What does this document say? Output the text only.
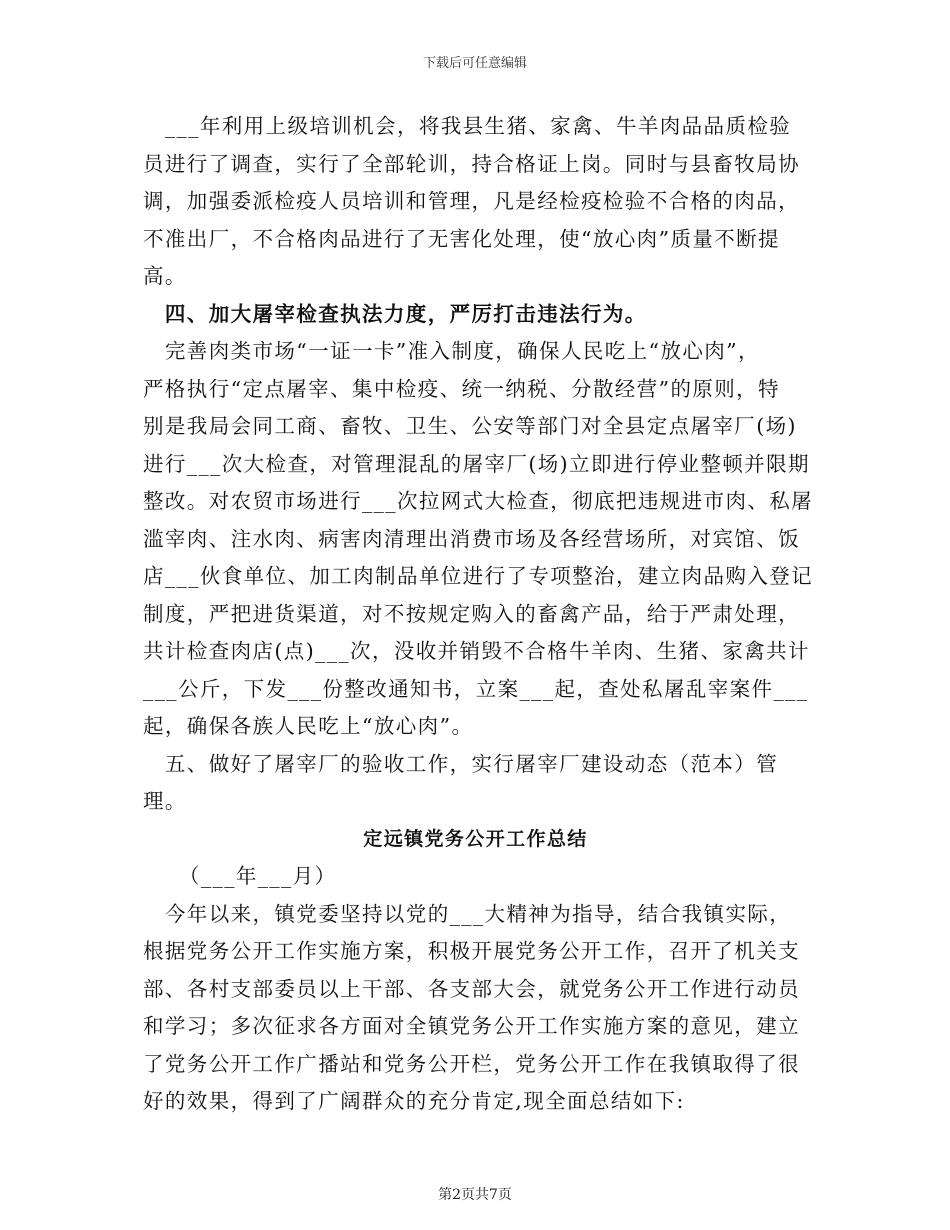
下载后可任意编辑
　___年利用上级培训机会，将我县生猪、家禽、牛羊肉品品质检验
员进行了调查，实行了全部轮训，持合格证上岗。同时与县畜牧局协
调，加强委派检疫人员培训和管理，凡是经检疫检验不合格的肉品，
不准出厂，不合格肉品进行了无害化处理，使“放心肉”质量不断提
高。
　四、加大屠宰检查执法力度，严厉打击违法行为。
　完善肉类市场“一证一卡”准入制度，确保人民吃上“放心肉”，
严格执行“定点屠宰、集中检疫、统一纳税、分散经营”的原则，特
别是我局会同工商、畜牧、卫生、公安等部门对全县定点屠宰厂(场)
进行___次大检查，对管理混乱的屠宰厂(场)立即进行停业整顿并限期
整改。对农贸市场进行___次拉网式大检查，彻底把违规进市肉、私屠
滥宰肉、注水肉、病害肉清理出消费市场及各经营场所，对宾馆、饭
店___伙食单位、加工肉制品单位进行了专项整治，建立肉品购入登记
制度，严把进货渠道，对不按规定购入的畜禽产品，给于严肃处理，
共计检查肉店(点)___次，没收并销毁不合格牛羊肉、生猪、家禽共计
___公斤，下发___份整改通知书，立案___起，查处私屠乱宰案件___
起，确保各族人民吃上“放心肉”。
　五、做好了屠宰厂的验收工作，实行屠宰厂建设动态（范本）管
理。
定远镇党务公开工作总结
（___年___月）
　今年以来，镇党委坚持以党的___大精神为指导，结合我镇实际，
根据党务公开工作实施方案，积极开展党务公开工作，召开了机关支
部、各村支部委员以上干部、各支部大会，就党务公开工作进行动员
和学习；多次征求各方面对全镇党务公开工作实施方案的意见，建立
了党务公开工作广播站和党务公开栏，党务公开工作在我镇取得了很
好的效果，得到了广阔群众的充分肯定,现全面总结如下:
第2页共7页
